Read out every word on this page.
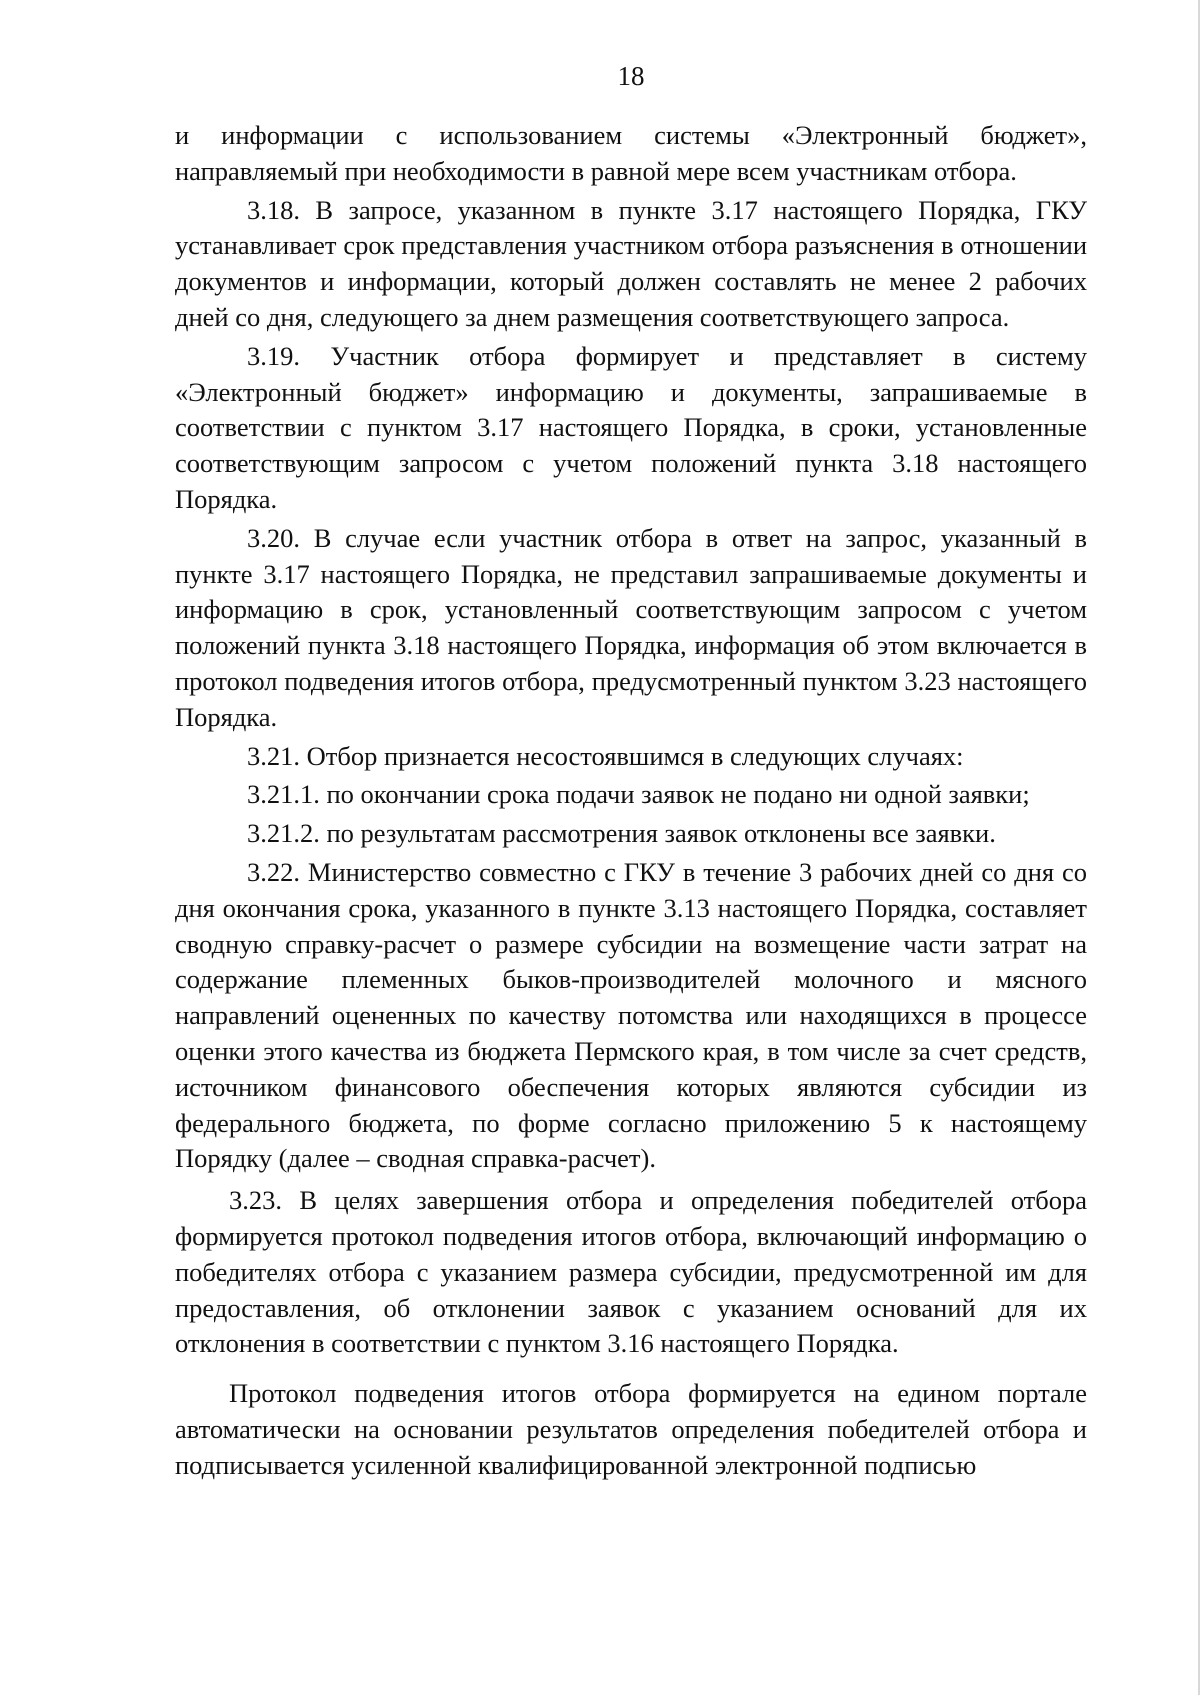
18

и информации с использованием системы «Электронный бюджет», направляемый при необходимости в равной мере всем участникам отбора.

3.18. В запросе, указанном в пункте 3.17 настоящего Порядка, ГКУ устанавливает срок представления участником отбора разъяснения в отношении документов и информации, который должен составлять не менее 2 рабочих дней со дня, следующего за днем размещения соответствующего запроса.

3.19. Участник отбора формирует и представляет в систему «Электронный бюджет» информацию и документы, запрашиваемые в соответствии с пунктом 3.17 настоящего Порядка, в сроки, установленные соответствующим запросом с учетом положений пункта 3.18 настоящего Порядка.

3.20. В случае если участник отбора в ответ на запрос, указанный в пункте 3.17 настоящего Порядка, не представил запрашиваемые документы и информацию в срок, установленный соответствующим запросом с учетом положений пункта 3.18 настоящего Порядка, информация об этом включается в протокол подведения итогов отбора, предусмотренный пунктом 3.23 настоящего Порядка.

3.21. Отбор признается несостоявшимся в следующих случаях:

3.21.1. по окончании срока подачи заявок не подано ни одной заявки;

3.21.2. по результатам рассмотрения заявок отклонены все заявки.

3.22. Министерство совместно с ГКУ в течение 3 рабочих дней со дня со дня окончания срока, указанного в пункте 3.13 настоящего Порядка, составляет сводную справку-расчет о размере субсидии на возмещение части затрат на содержание племенных быков-производителей молочного и мясного направлений оцененных по качеству потомства или находящихся в процессе оценки этого качества из бюджета Пермского края, в том числе за счет средств, источником финансового обеспечения которых являются субсидии из федерального бюджета, по форме согласно приложению 5 к настоящему Порядку (далее – сводная справка-расчет).

3.23. В целях завершения отбора и определения победителей отбора формируется протокол подведения итогов отбора, включающий информацию о победителях отбора с указанием размера субсидии, предусмотренной им для предоставления, об отклонении заявок с указанием оснований для их отклонения в соответствии с пунктом 3.16 настоящего Порядка.

Протокол подведения итогов отбора формируется на едином портале автоматически на основании результатов определения победителей отбора и подписывается усиленной квалифицированной электронной подписью
